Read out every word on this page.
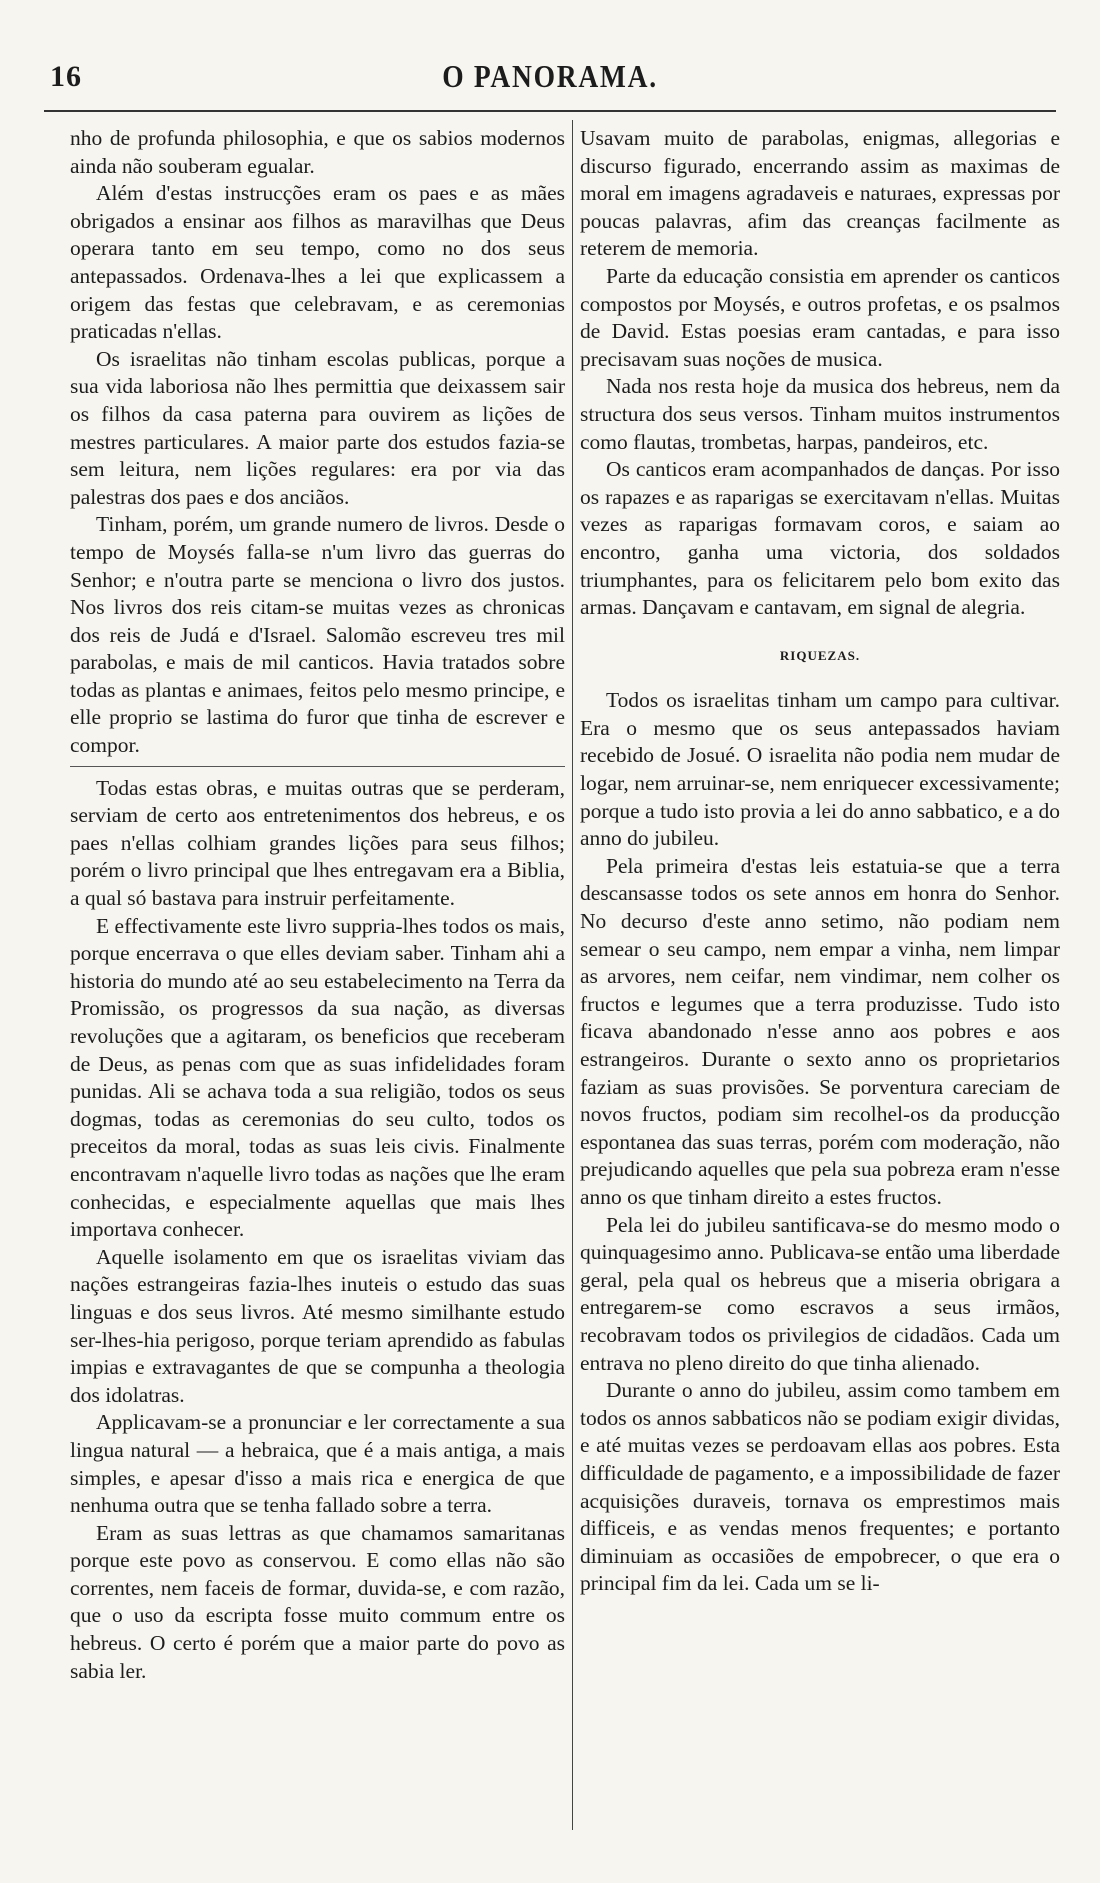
16	O PANORAMA.

nho de profunda philosophia, e que os sabios modernos ainda não souberam egualar.

Além d'estas instrucções eram os paes e as mães obrigados a ensinar aos filhos as maravilhas que Deus operara tanto em seu tempo, como no dos seus antepassados. Ordenava-lhes a lei que explicassem a origem das festas que celebravam, e as ceremonias praticadas n'ellas.

Os israelitas não tinham escolas publicas, porque a sua vida laboriosa não lhes permittia que deixassem sair os filhos da casa paterna para ouvirem as lições de mestres particulares. A maior parte dos estudos fazia-se sem leitura, nem lições regulares: era por via das palestras dos paes e dos anciãos.

Tinham, porém, um grande numero de livros. Desde o tempo de Moysés falla-se n'um livro das guerras do Senhor; e n'outra parte se menciona o livro dos justos. Nos livros dos reis citam-se muitas vezes as chronicas dos reis de Judá e d'Israel. Salomão escreveu tres mil parabolas, e mais de mil canticos. Havia tratados sobre todas as plantas e animaes, feitos pelo mesmo principe, e elle proprio se lastima do furor que tinha de escrever e compor.

Todas estas obras, e muitas outras que se perderam, serviam de certo aos entretenimentos dos hebreus, e os paes n'ellas colhiam grandes lições para seus filhos; porém o livro principal que lhes entregavam era a Biblia, a qual só bastava para instruir perfeitamente.

E effectivamente este livro suppria-lhes todos os mais, porque encerrava o que elles deviam saber. Tinham ahi a historia do mundo até ao seu estabelecimento na Terra da Promissão, os progressos da sua nação, as diversas revoluções que a agitaram, os beneficios que receberam de Deus, as penas com que as suas infidelidades foram punidas. Ali se achava toda a sua religião, todos os seus dogmas, todas as ceremonias do seu culto, todos os preceitos da moral, todas as suas leis civis. Finalmente encontravam n'aquelle livro todas as nações que lhe eram conhecidas, e especialmente aquellas que mais lhes importava conhecer.

Aquelle isolamento em que os israelitas viviam das nações estrangeiras fazia-lhes inuteis o estudo das suas linguas e dos seus livros. Até mesmo similhante estudo ser-lhes-hia perigoso, porque teriam aprendido as fabulas impias e extravagantes de que se compunha a theologia dos idolatras.

Applicavam-se a pronunciar e ler correctamente a sua lingua natural — a hebraica, que é a mais antiga, a mais simples, e apesar d'isso a mais rica e energica de que nenhuma outra que se tenha fallado sobre a terra.

Eram as suas lettras as que chamamos samaritanas porque este povo as conservou. E como ellas não são correntes, nem faceis de formar, duvida-se, e com razão, que o uso da escripta fosse muito commum entre os hebreus. O certo é porém que a maior parte do povo as sabia ler.

Usavam muito de parabolas, enigmas, allegorias e discurso figurado, encerrando assim as maximas de moral em imagens agradaveis e naturaes, expressas por poucas palavras, afim das creanças facilmente as reterem de memoria.

Parte da educação consistia em aprender os canticos compostos por Moysés, e outros profetas, e os psalmos de David. Estas poesias eram cantadas, e para isso precisavam suas noções de musica.

Nada nos resta hoje da musica dos hebreus, nem da structura dos seus versos. Tinham muitos instrumentos como flautas, trombetas, harpas, pandeiros, etc.

Os canticos eram acompanhados de danças. Por isso os rapazes e as raparigas se exercitavam n'ellas. Muitas vezes as raparigas formavam coros, e saiam ao encontro, ganha uma victoria, dos soldados triumphantes, para os felicitarem pelo bom exito das armas. Dançavam e cantavam, em signal de alegria.

RIQUEZAS.

Todos os israelitas tinham um campo para cultivar. Era o mesmo que os seus antepassados haviam recebido de Josué. O israelita não podia nem mudar de logar, nem arruinar-se, nem enriquecer excessivamente; porque a tudo isto provia a lei do anno sabbatico, e a do anno do jubileu.

Pela primeira d'estas leis estatuia-se que a terra descansasse todos os sete annos em honra do Senhor. No decurso d'este anno setimo, não podiam nem semear o seu campo, nem empar a vinha, nem limpar as arvores, nem ceifar, nem vindimar, nem colher os fructos e legumes que a terra produzisse. Tudo isto ficava abandonado n'esse anno aos pobres e aos estrangeiros. Durante o sexto anno os proprietarios faziam as suas provisões. Se porventura careciam de novos fructos, podiam sim recolhel-os da producção espontanea das suas terras, porém com moderação, não prejudicando aquelles que pela sua pobreza eram n'esse anno os que tinham direito a estes fructos.

Pela lei do jubileu santificava-se do mesmo modo o quinquagesimo anno. Publicava-se então uma liberdade geral, pela qual os hebreus que a miseria obrigara a entregarem-se como escravos a seus irmãos, recobravam todos os privilegios de cidadãos. Cada um entrava no pleno direito do que tinha alienado.

Durante o anno do jubileu, assim como tambem em todos os annos sabbaticos não se podiam exigir dividas, e até muitas vezes se perdoavam ellas aos pobres. Esta difficuldade de pagamento, e a impossibilidade de fazer acquisições duraveis, tornava os emprestimos mais difficeis, e as vendas menos frequentes; e portanto diminuiam as occasiões de empobrecer, o que era o principal fim da lei. Cada um se li-
